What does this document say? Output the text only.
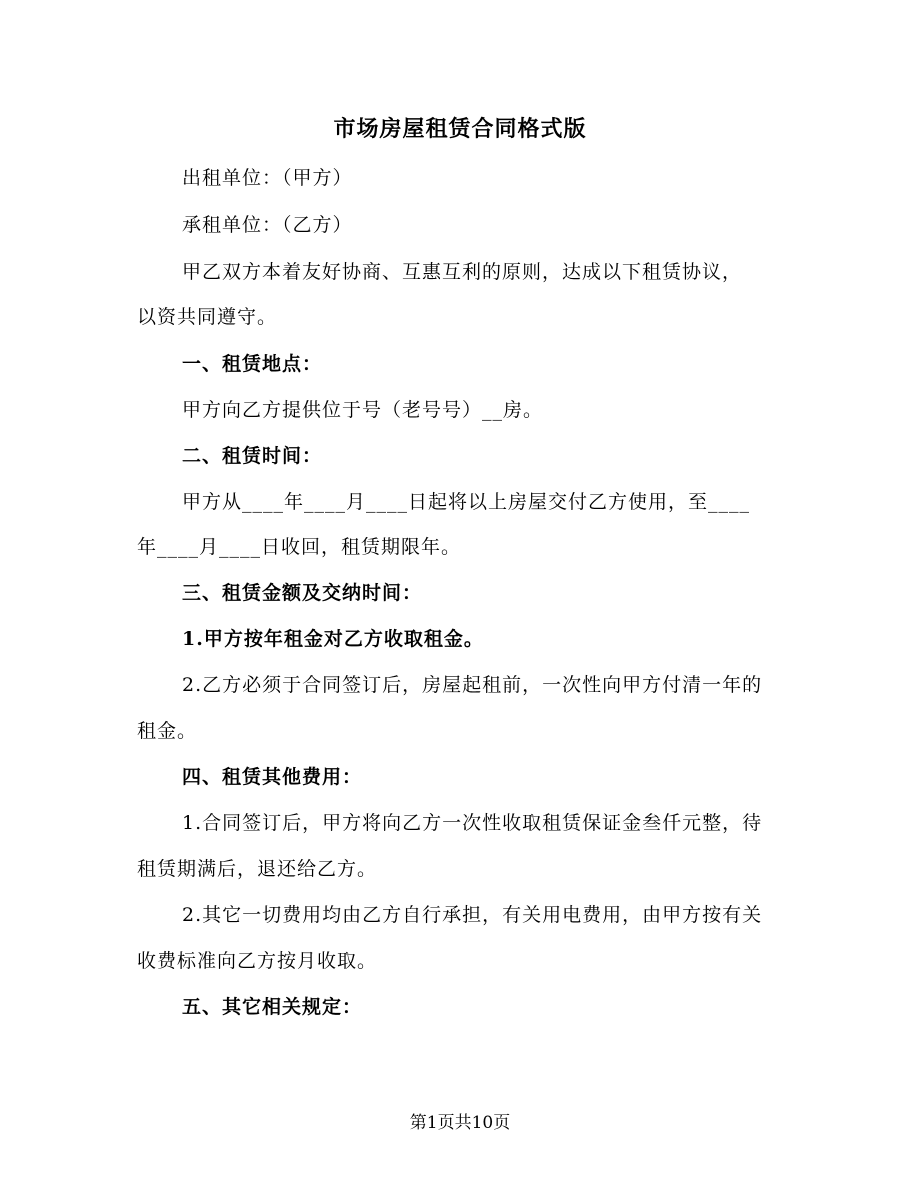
市场房屋租赁合同格式版
出租单位：（甲方）
承租单位：（乙方）
甲乙双方本着友好协商、互惠互利的原则，达成以下租赁协议，
以资共同遵守。
一、租赁地点：
甲方向乙方提供位于号（老号号）__房。
二、租赁时间：
甲方从____年____月____日起将以上房屋交付乙方使用，至____
年____月____日收回，租赁期限年。
三、租赁金额及交纳时间：
1.甲方按年租金对乙方收取租金。
2.乙方必须于合同签订后，房屋起租前，一次性向甲方付清一年的
租金。
四、租赁其他费用：
1.合同签订后，甲方将向乙方一次性收取租赁保证金叁仟元整，待
租赁期满后，退还给乙方。
2.其它一切费用均由乙方自行承担，有关用电费用，由甲方按有关
收费标准向乙方按月收取。
五、其它相关规定：
第1页共10页
